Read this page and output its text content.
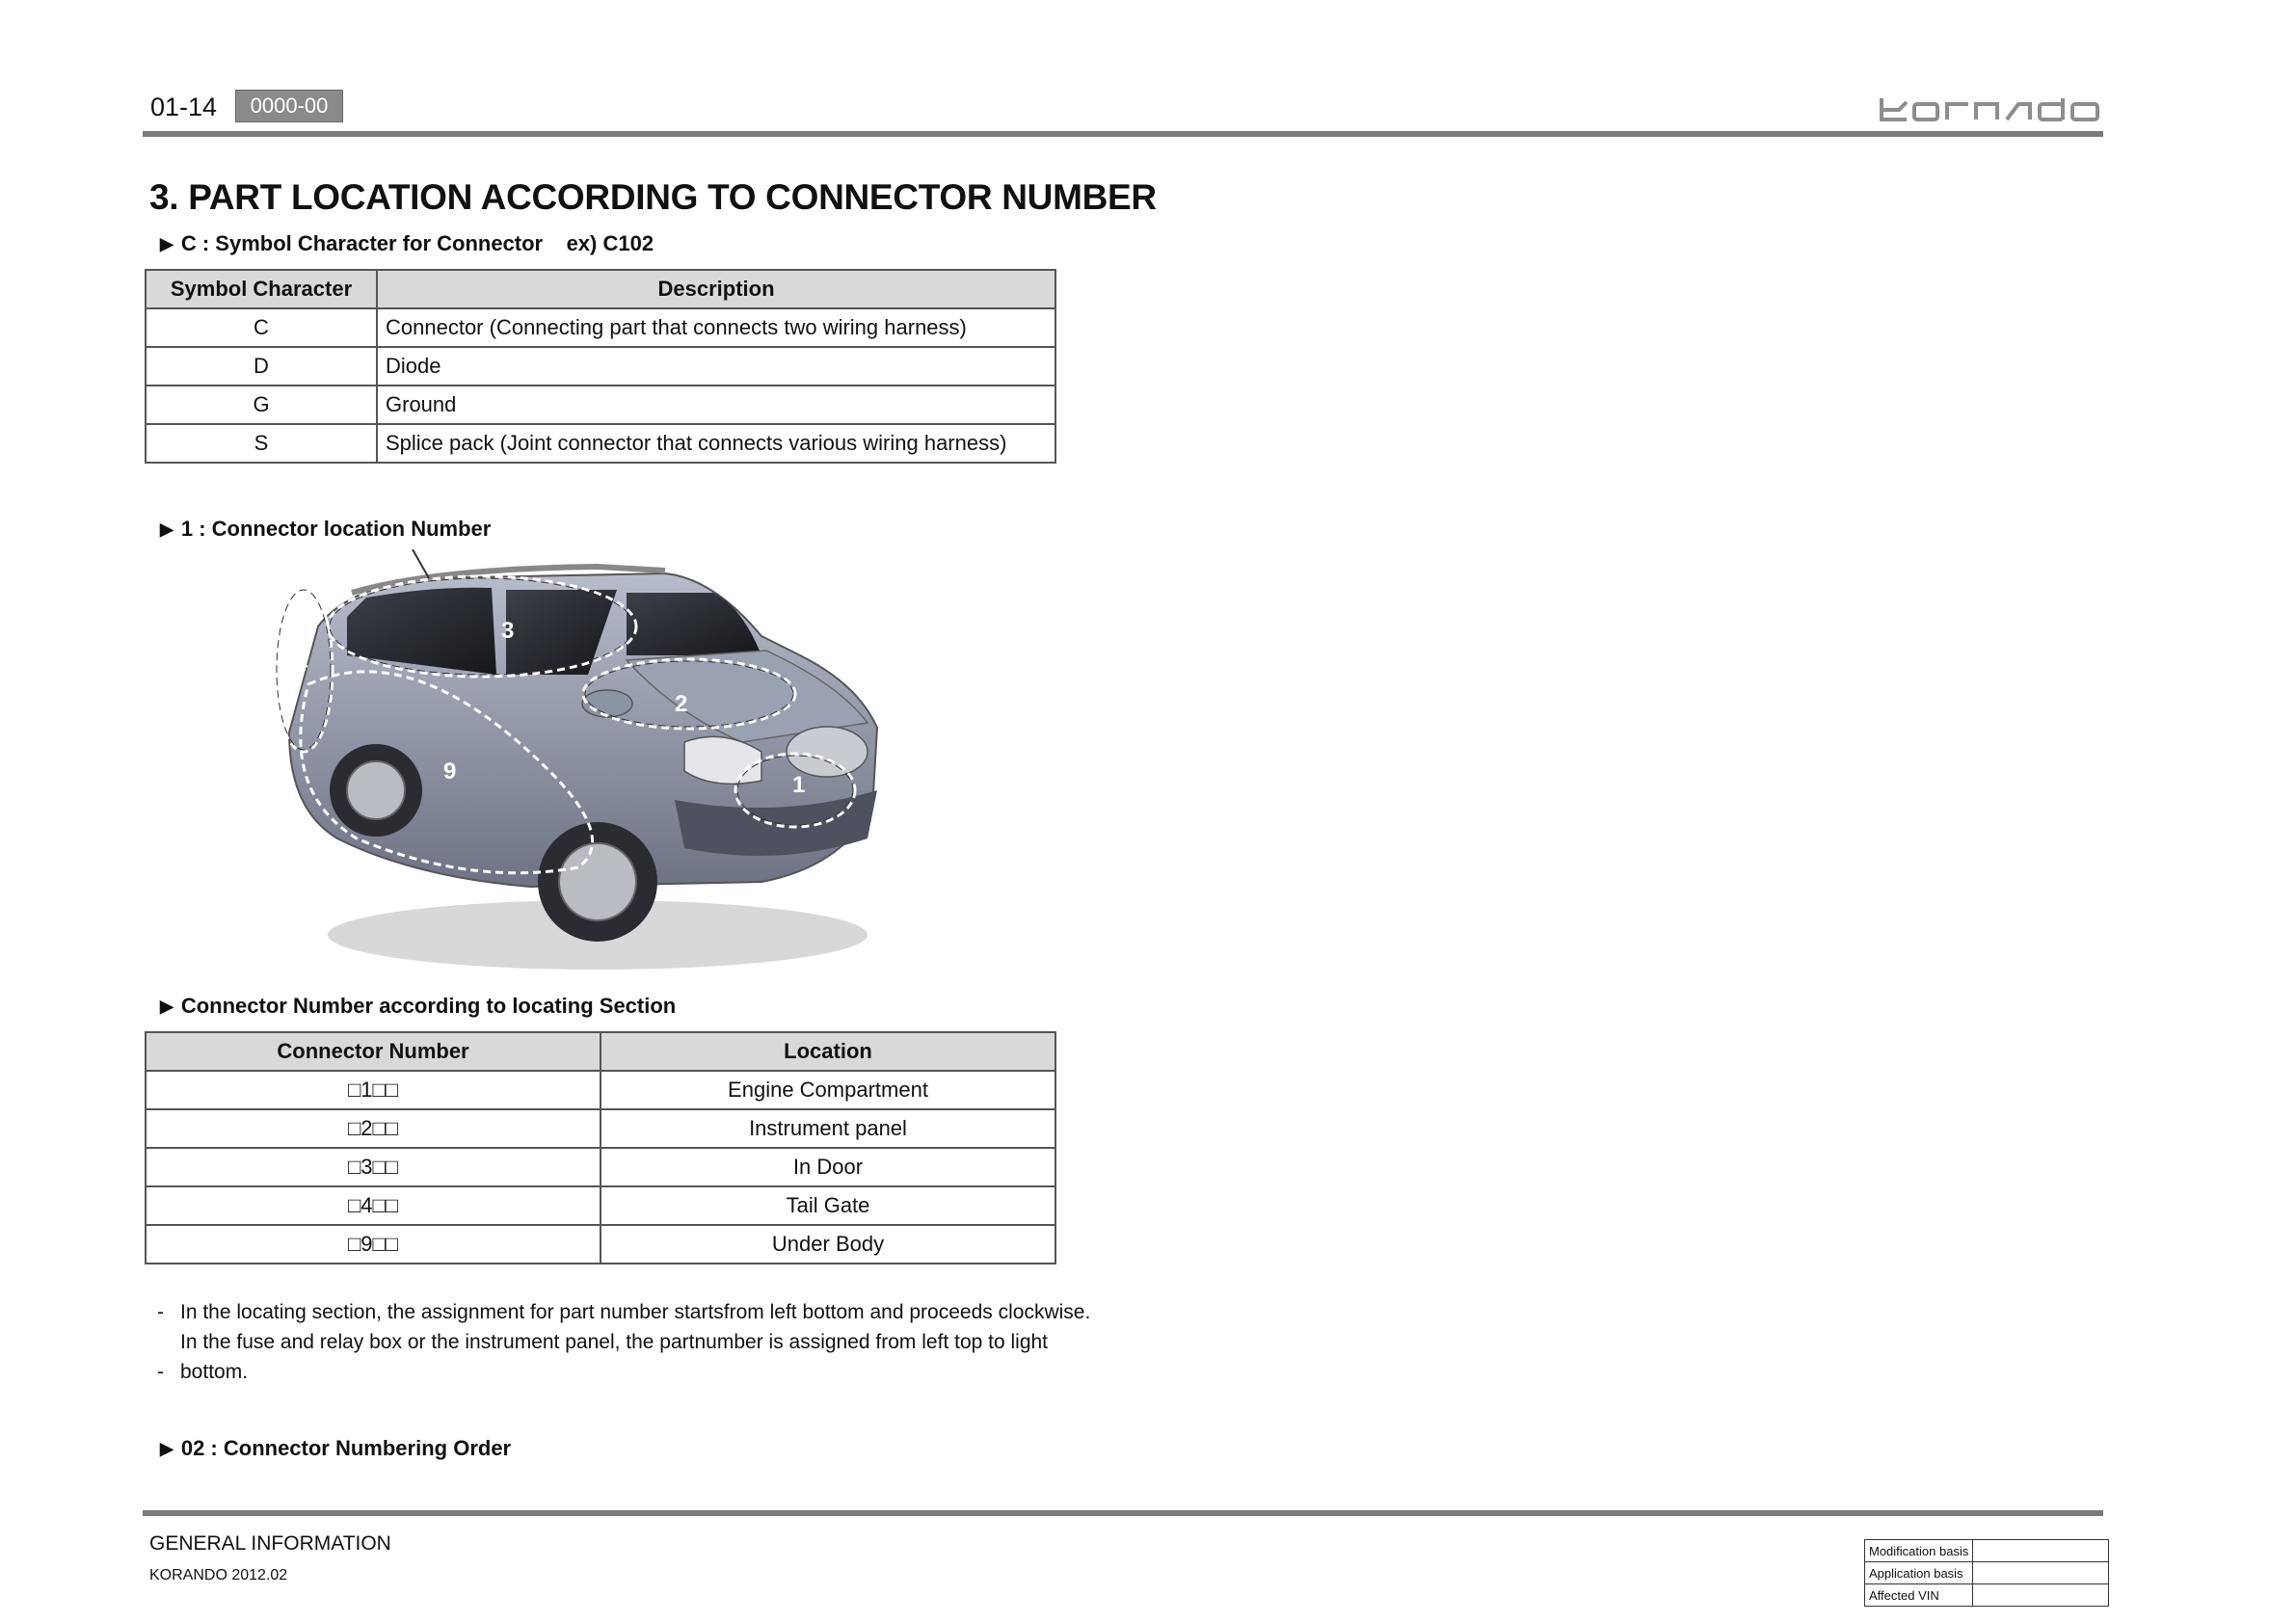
01-14	0000-00
3. PART LOCATION ACCORDING TO CONNECTOR NUMBER
▶ C : Symbol Character for Connector    ex) C102
Symbol Character	Description
C	Connector (Connecting part that connects two wiring harness)
D	Diode
G	Ground
S	Splice pack (Joint connector that connects various wiring harness)
▶ 1 : Connector location Number
1
2
3
4
9
▶ Connector Number according to locating Section
Connector Number	Location
□1□□	Engine Compartment
□2□□	Instrument panel
□3□□	In Door
□4□□	Tail Gate
□9□□	Under Body
- In the locating section, the assignment for part number startsfrom left bottom and proceeds clockwise.
In the fuse and relay box or the instrument panel, the partnumber is assigned from left top to light
- bottom.
▶ 02 : Connector Numbering Order
GENERAL INFORMATION
KORANDO 2012.02
Modification basis	
Application basis	
Affected VIN	
